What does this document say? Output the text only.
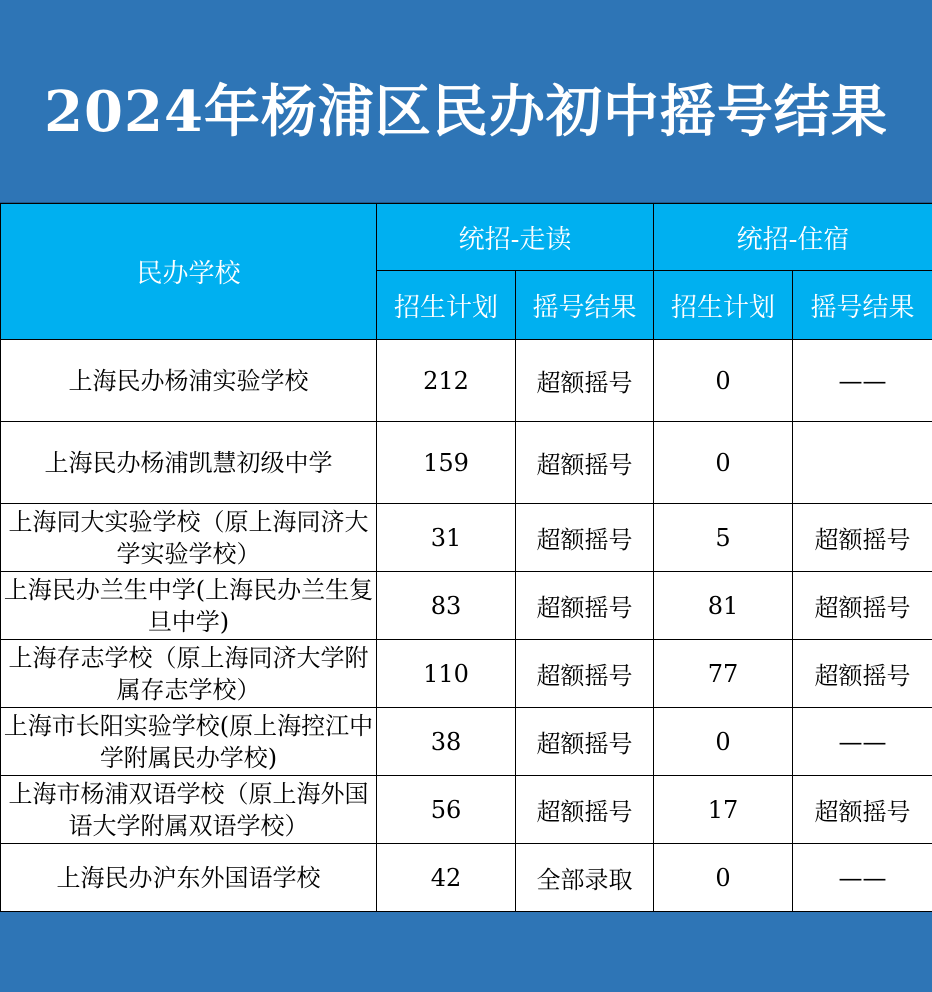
2024年杨浦区民办初中摇号结果
民办学校	统招-走读		统招-住宿	
	招生计划	摇号结果	招生计划	摇号结果
上海民办杨浦实验学校	212	超额摇号	0	——
上海民办杨浦凯慧初级中学	159	超额摇号	0	
上海同大实验学校（原上海同济大学实验学校）	31	超额摇号	5	超额摇号
上海民办兰生中学(上海民办兰生复旦中学)	83	超额摇号	81	超额摇号
上海存志学校（原上海同济大学附属存志学校）	110	超额摇号	77	超额摇号
上海市长阳实验学校(原上海控江中学附属民办学校)	38	超额摇号	0	——
上海市杨浦双语学校（原上海外国语大学附属双语学校）	56	超额摇号	17	超额摇号
上海民办沪东外国语学校	42	全部录取	0	——
